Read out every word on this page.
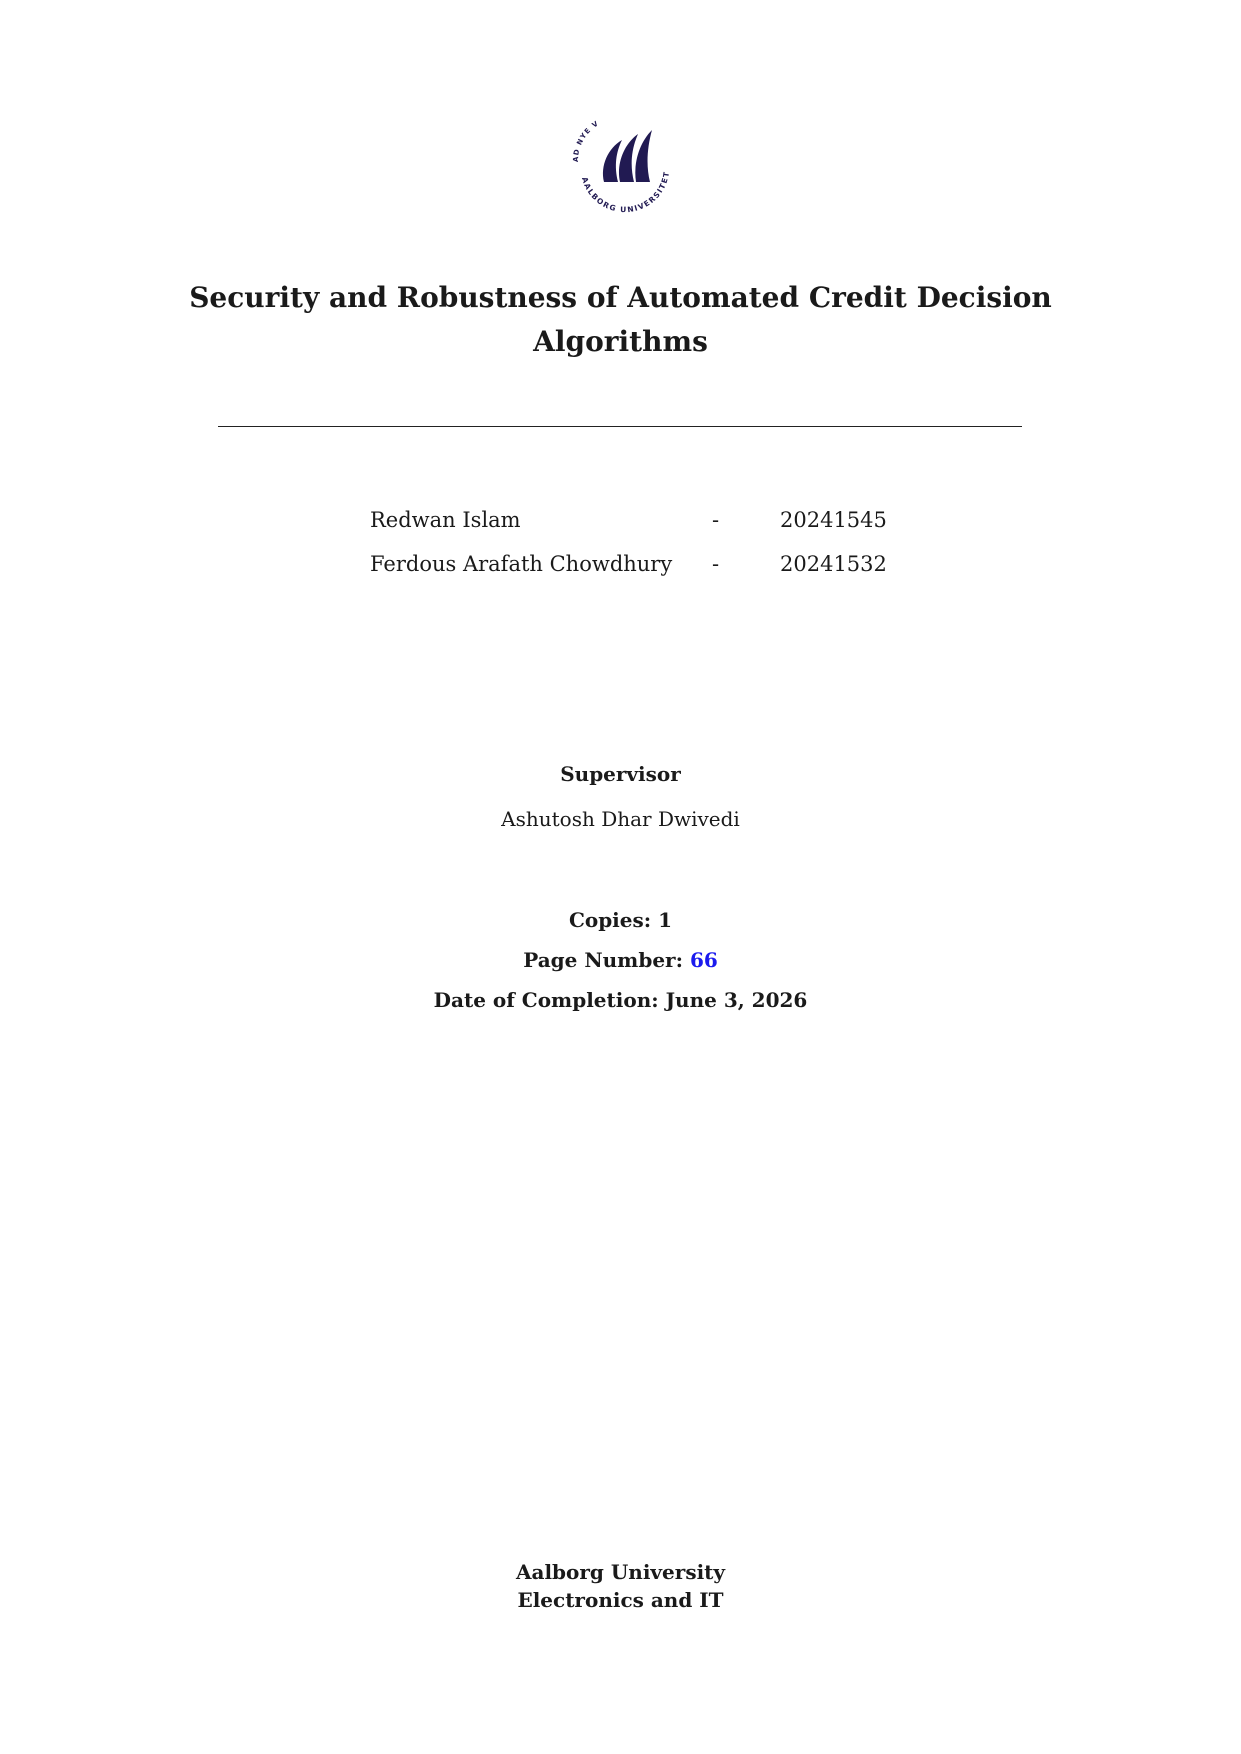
AD NYE V
AALBORG UNIVERSITET
Security and Robustness of Automated Credit Decision Algorithms
Redwan Islam	-	20241545
Ferdous Arafath Chowdhury -	20241532
Supervisor
Ashutosh Dhar Dwivedi
Copies: 1
Page Number: 66
Date of Completion: June 3, 2026
Aalborg University
Electronics and IT
